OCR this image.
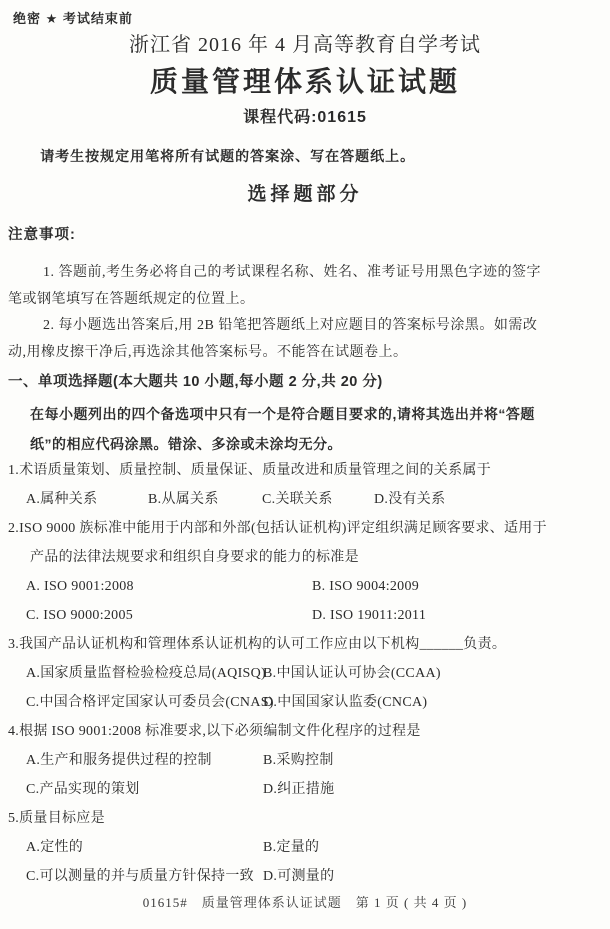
绝密 ★ 考试结束前
浙江省 2016 年 4 月高等教育自学考试
质量管理体系认证试题
课程代码:01615
请考生按规定用笔将所有试题的答案涂、写在答题纸上。
选择题部分
注意事项:

1. 答题前,考生务必将自己的考试课程名称、姓名、准考证号用黑色字迹的签字笔或钢笔填写在答题纸规定的位置上。

2. 每小题选出答案后,用 2B 铅笔把答题纸上对应题目的答案标号涂黑。如需改动,用橡皮擦干净后,再选涂其他答案标号。不能答在试题卷上。

一、单项选择题(本大题共 10 小题,每小题 2 分,共 20 分)
在每小题列出的四个备选项中只有一个是符合题目要求的,请将其选出并将“答题纸”的相应代码涂黑。错涂、多涂或未涂均无分。
1.术语质量策划、质量控制、质量保证、质量改进和质量管理之间的关系属于
A.属种关系	B.从属关系	C.关联关系	D.没有关系
2.ISO 9000 族标准中能用于内部和外部(包括认证机构)评定组织满足顾客要求、适用于产品的法律法规要求和组织自身要求的能力的标准是
A. ISO 9001:2008	B. ISO 9004:2009
C. ISO 9000:2005	D. ISO 19011:2011
3.我国产品认证机构和管理体系认证机构的认可工作应由以下机构______负责。
A.国家质量监督检验检疫总局(AQISQ)
B.中国认证认可协会(CCAA)
C.中国合格评定国家认可委员会(CNAS)
D.中国国家认监委(CNCA)
4.根据 ISO 9001:2008 标准要求,以下必须编制文件化程序的过程是
A.生产和服务提供过程的控制	B.采购控制
C.产品实现的策划	D.纠正措施
5.质量目标应是
A.定性的	B.定量的
C.可以测量的并与质量方针保持一致 D.可测量的
01615#　质量管理体系认证试题　第 1 页 ( 共 4 页 )
